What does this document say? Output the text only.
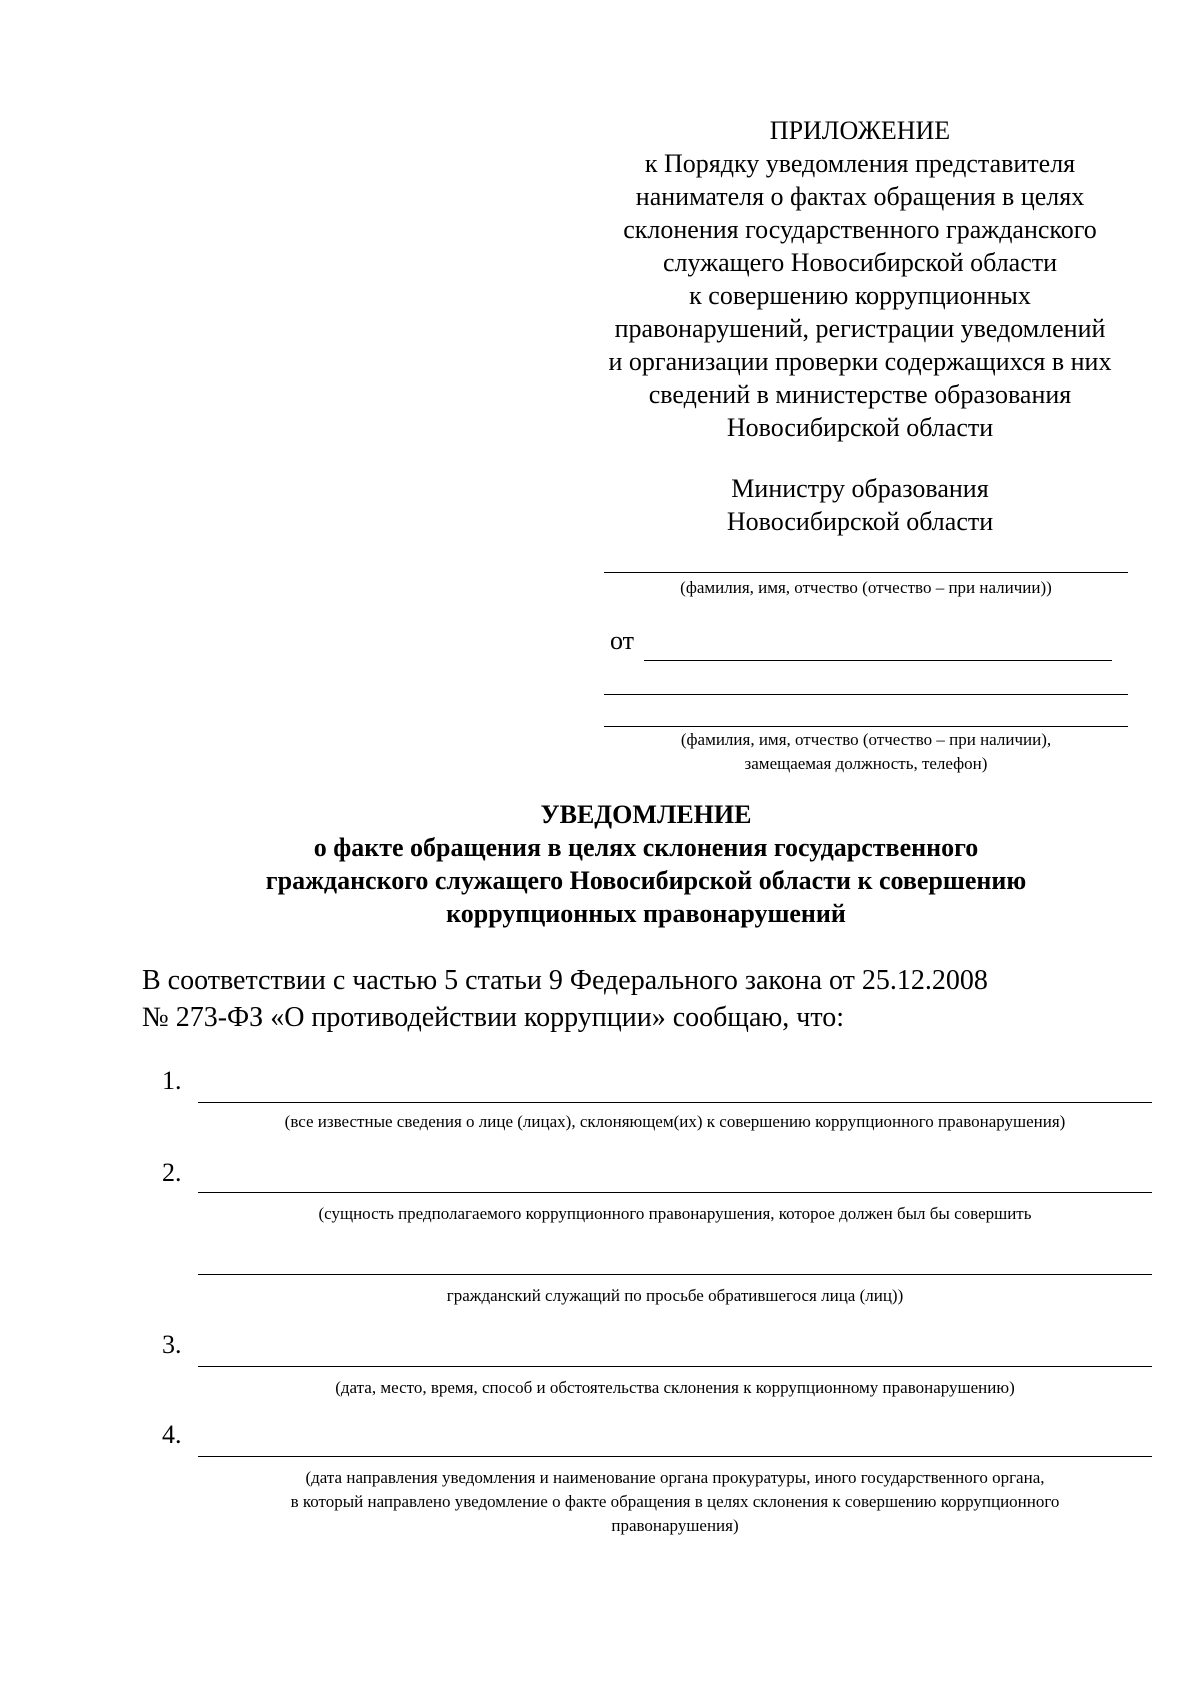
ПРИЛОЖЕНИЕ
к Порядку уведомления представителя
нанимателя о фактах обращения в целях
склонения государственного гражданского
служащего Новосибирской области
к совершению коррупционных
правонарушений, регистрации уведомлений
и организации проверки содержащихся в них
сведений в министерстве образования
Новосибирской области
Министру образования
Новосибирской области
(фамилия, имя, отчество (отчество – при наличии))
от
(фамилия, имя, отчество (отчество – при наличии),
замещаемая должность, телефон)
УВЕДОМЛЕНИЕ
о факте обращения в целях склонения государственного
гражданского служащего Новосибирской области к совершению
коррупционных правонарушений
В соответствии с частью 5 статьи 9 Федерального закона от 25.12.2008
№ 273-ФЗ «О противодействии коррупции» сообщаю, что:
1.
(все известные сведения о лице (лицах), склоняющем(их) к совершению коррупционного правонарушения)
2.
(сущность предполагаемого коррупционного правонарушения, которое должен был бы совершить
гражданский служащий по просьбе обратившегося лица (лиц))
3.
(дата, место, время, способ и обстоятельства склонения к коррупционному правонарушению)
4.
(дата направления уведомления и наименование органа прокуратуры, иного государственного органа,
в который направлено уведомление о факте обращения в целях склонения к совершению коррупционного
правонарушения)
